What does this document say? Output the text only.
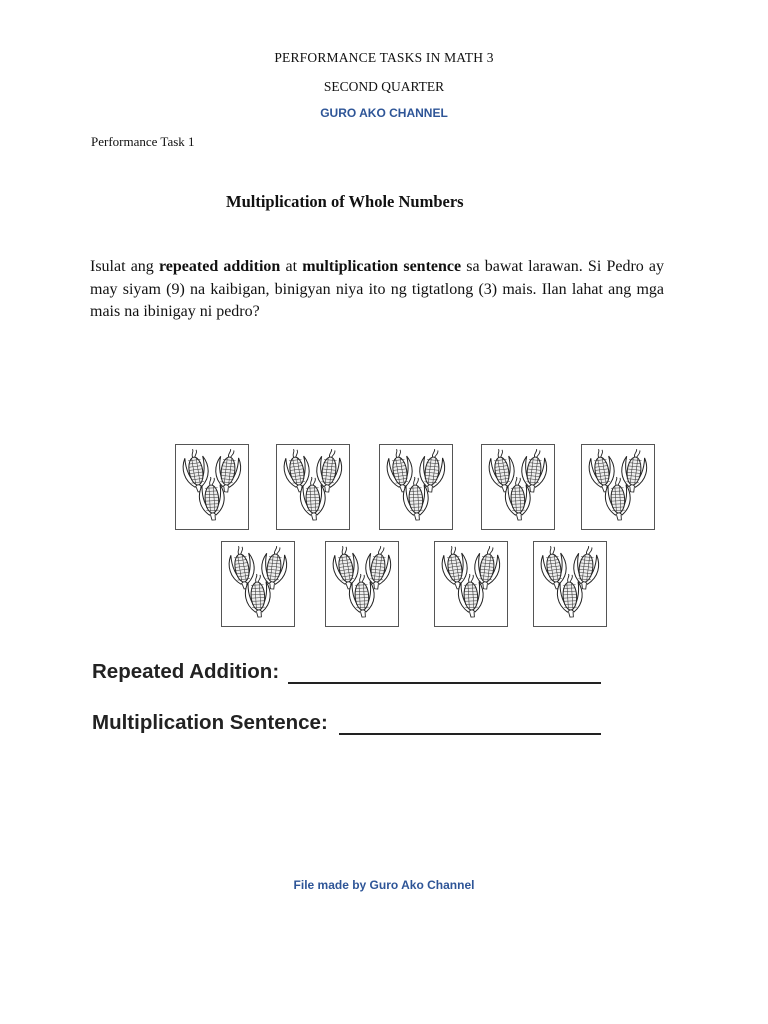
PERFORMANCE TASKS IN MATH 3
SECOND QUARTER
GURO AKO CHANNEL
Performance Task 1
Multiplication of Whole Numbers
Isulat ang repeated addition at multiplication sentence sa bawat larawan. Si Pedro ay may siyam (9) na kaibigan, binigyan niya ito ng tigtatlong (3) mais. Ilan lahat ang mga mais na ibinigay ni pedro?
Repeated Addition:
Multiplication Sentence:
File made by Guro Ako Channel
